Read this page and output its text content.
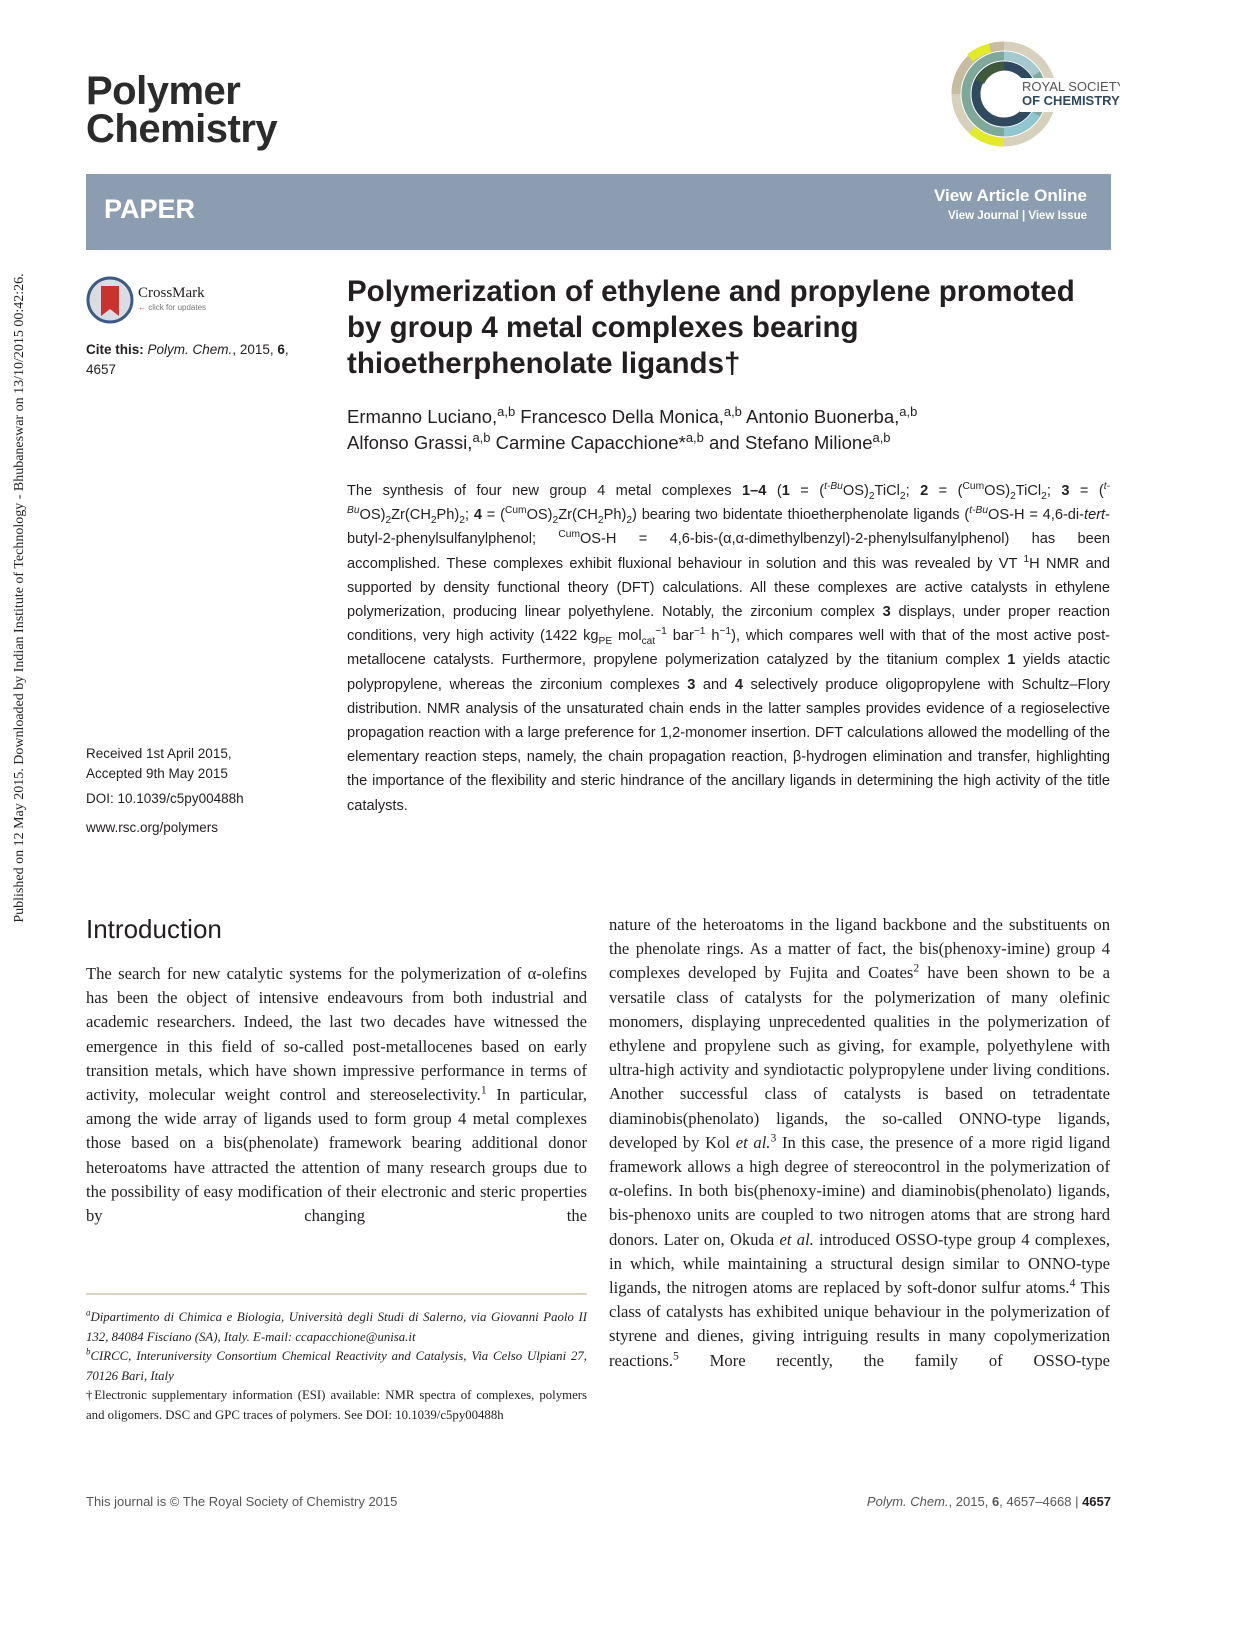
Published on 12 May 2015. Downloaded by Indian Institute of Technology - Bhubaneswar on 13/10/2015 00:42:26.
Polymer
Chemistry
ROYAL SOCIETY
OF CHEMISTRY
PAPER	View Article Online
View Journal | View Issue
CrossMark
← click for updates
Cite this: Polym. Chem., 2015, 6,
4657
Received 1st April 2015,
Accepted 9th May 2015
DOI: 10.1039/c5py00488h
www.rsc.org/polymers
Polymerization of ethylene and propylene promoted by group 4 metal complexes bearing thioetherphenolate ligands†
Ermanno Luciano,$^{a,b}$ Francesco Della Monica,$^{a,b}$ Antonio Buonerba,$^{a,b}$
Alfonso Grassi,$^{a,b}$ Carmine Capacchione*$^{a,b}$ and Stefano Milione$^{a,b}$
The synthesis of four new group 4 metal complexes 1–4 ($1 = (^{t-Bu}OS)_2TiCl_2$; $2 = (^{Cum}OS)_2TiCl_2$; $3 = (^{t-Bu}OS)_2Zr(CH_2Ph)_2$; $4 = (^{Cum}OS)_2Zr(CH_2Ph)_2$) bearing two bidentate thioetherphenolate ligands ($^{t-Bu}$OS-H = 4,6-di-tert-butyl-2-phenylsulfanylphenol; $^{Cum}$OS-H = 4,6-bis-(α,α-dimethylbenzyl)-2-phenylsulfanylphenol) has been accomplished. These complexes exhibit fluxional behaviour in solution and this was revealed by VT $^1$H NMR and supported by density functional theory (DFT) calculations. All these complexes are active catalysts in ethylene polymerization, producing linear polyethylene. Notably, the zirconium complex 3 displays, under proper reaction conditions, very high activity (1422 $kg_{PE}$ mol$_{cat}^{-1}$ bar$^{-1}$ $h^{-1}$), which compares well with that of the most active post-metallocene catalysts. Furthermore, propylene polymerization catalyzed by the titanium complex 1 yields atactic polypropylene, whereas the zirconium complexes 3 and 4 selectively produce oligopropylene with Schultz–Flory distribution. NMR analysis of the unsaturated chain ends in the latter samples provides evidence of a regioselective propagation reaction with a large preference for 1,2-monomer insertion. DFT calculations allowed the modelling of the elementary reaction steps, namely, the chain propagation reaction, β-hydrogen elimination and transfer, highlighting the importance of the flexibility and steric hindrance of the ancillary ligands in determining the high activity of the title catalysts.
Introduction
The search for new catalytic systems for the polymerization of α-olefins has been the object of intensive endeavours from both industrial and academic researchers. Indeed, the last two decades have witnessed the emergence in this field of so-called post-metallocenes based on early transition metals, which have shown impressive performance in terms of activity, molecular weight control and stereoselectivity.$^1$ In particular, among the wide array of ligands used to form group 4 metal complexes those based on a bis(phenolate) framework bearing additional donor heteroatoms have attracted the attention of many research groups due to the possibility of easy modification of their electronic and steric properties by changing the
nature of the heteroatoms in the ligand backbone and the substituents on the phenolate rings. As a matter of fact, the bis(phenoxy-imine) group 4 complexes developed by Fujita and Coates$^2$ have been shown to be a versatile class of catalysts for the polymerization of many olefinic monomers, displaying unprecedented qualities in the polymerization of ethylene and propylene such as giving, for example, polyethylene with ultra-high activity and syndiotactic polypropylene under living conditions. Another successful class of catalysts is based on tetradentate diaminobis(phenolato) ligands, the so-called ONNO-type ligands, developed by Kol et al.$^3$ In this case, the presence of a more rigid ligand framework allows a high degree of stereocontrol in the polymerization of α-olefins. In both bis(phenoxy-imine) and diaminobis(phenolato) ligands, bis-phenoxo units are coupled to two nitrogen atoms that are strong hard donors. Later on, Okuda et al. introduced OSSO-type group 4 complexes, in which, while maintaining a structural design similar to ONNO-type ligands, the nitrogen atoms are replaced by soft-donor sulfur atoms.$^4$ This class of catalysts has exhibited unique behaviour in the polymerization of styrene and dienes, giving intriguing results in many copolymerization reactions.$^5$ More recently, the family of OSSO-type
$^a$Dipartimento di Chimica e Biologia, Università degli Studi di Salerno, via Giovanni Paolo II 132, 84084 Fisciano (SA), Italy. E-mail: ccapacchione@unisa.it
$^b$CIRCC, Interuniversity Consortium Chemical Reactivity and Catalysis, Via Celso Ulpiani 27, 70126 Bari, Italy
†Electronic supplementary information (ESI) available: NMR spectra of complexes, polymers and oligomers. DSC and GPC traces of polymers. See DOI: 10.1039/c5py00488h
This journal is © The Royal Society of Chemistry 2015	Polym. Chem., 2015, 6, 4657–4668 | 4657
